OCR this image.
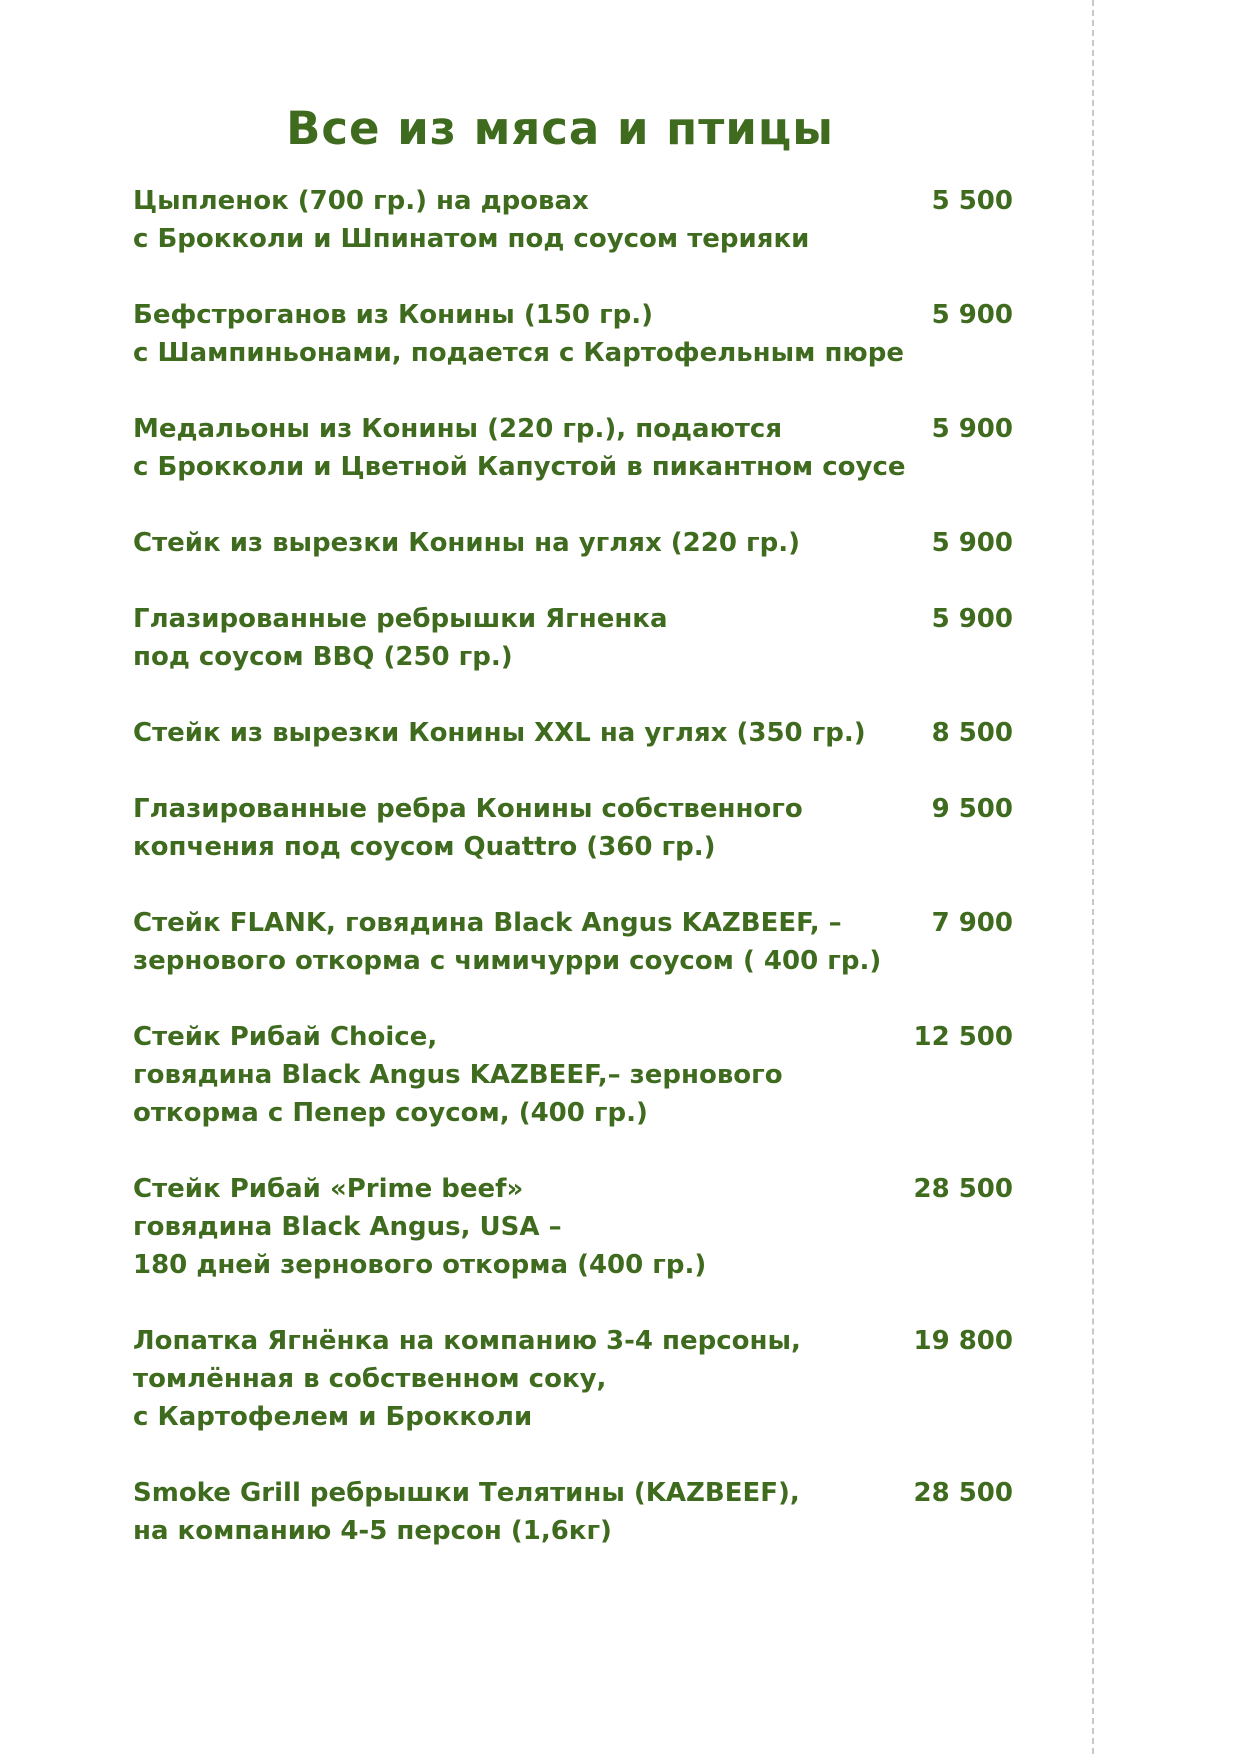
Все из мяса и птицы
Цыпленок (700 гр.) на дровах
с Брокколи и Шпинатом под соусом терияки
5 500
Бефстроганов из Конины (150 гр.)
с Шампиньонами, подается с Картофельным пюре
5 900
Медальоны из Конины (220 гр.), подаются
с Брокколи и Цветной Капустой в пикантном соусе
5 900
Стейк из вырезки Конины на углях (220 гр.)	5 900
Глазированные ребрышки Ягненка
под соусом BBQ (250 гр.)
5 900
Стейк из вырезки Конины XXL на углях (350 гр.)	8 500
Глазированные ребра Конины собственного
копчения под соусом Quattro (360 гр.)
9 500
Стейк FLANK, говядина Black Angus KAZBEEF, –
зернового откорма с чимичурри соусом ( 400 гр.)
7 900
Стейк Рибай Choice,
говядина Black Angus KAZBEEF,– зернового
откорма с Пепер соусом, (400 гр.)
12 500
Стейк Рибай «Prime beef»
говядина Black Angus, USA –
180 дней зернового откорма (400 гр.)
28 500
Лопатка Ягнёнка на компанию 3-4 персоны,
томлённая в собственном соку,
с Картофелем и Брокколи
19 800
Smoke Grill ребрышки Телятины (KAZBEEF),
на компанию 4-5 персон (1,6кг)
28 500
